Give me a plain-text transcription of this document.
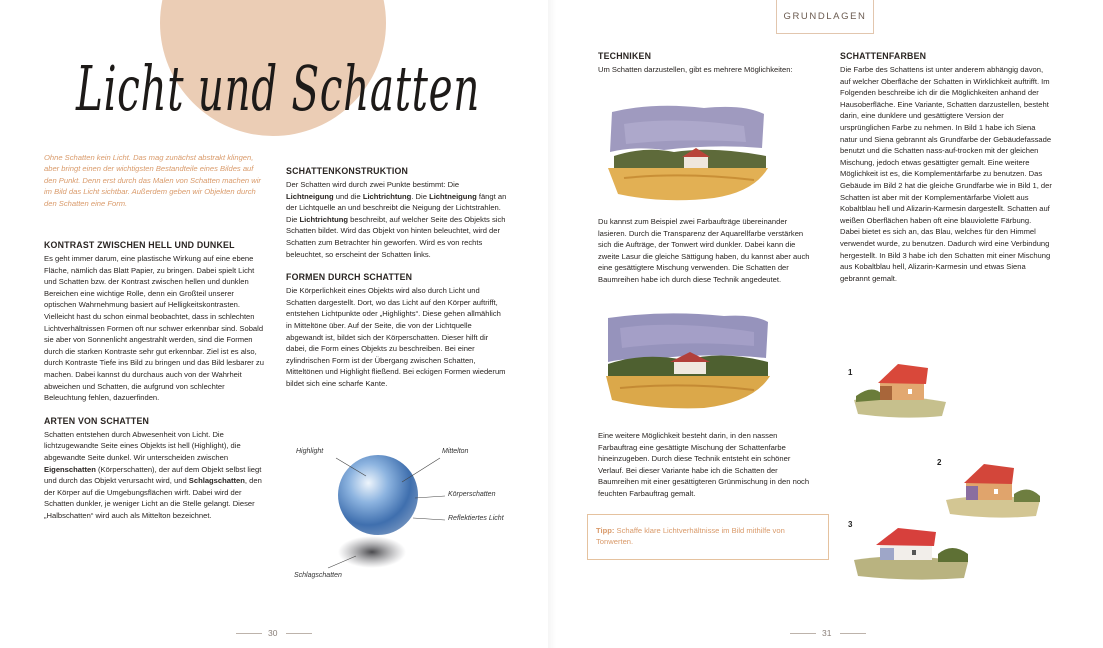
Licht und Schatten
Ohne Schatten kein Licht. Das mag zunächst abstrakt klingen, aber bringt einen der wichtigsten Bestandteile eines Bildes auf den Punkt. Denn erst durch das Malen von Schatten machen wir im Bild das Licht sichtbar. Außerdem geben wir Objekten durch den Schatten eine Form.
KONTRAST ZWISCHEN HELL UND DUNKEL

Es geht immer darum, eine plastische Wirkung auf eine ebene Fläche, nämlich das Blatt Papier, zu bringen. Dabei spielt Licht und Schatten bzw. der Kontrast zwischen hellen und dunklen Bereichen eine wichtige Rolle, denn ein Großteil unserer optischen Wahrnehmung basiert auf Helligkeitskontrasten. Vielleicht hast du schon einmal beobachtet, dass in schlechten Lichtverhältnissen Formen oft nur schwer erkennbar sind. Sobald sie aber von Sonnenlicht angestrahlt werden, sind die Formen durch die starken Kontraste sehr gut erkennbar. Ziel ist es also, durch Kontraste Tiefe ins Bild zu bringen und das Bild lesbarer zu machen. Dabei kannst du durchaus auch von der Wahrheit abweichen und Schatten, die aufgrund von schlechter Beleuchtung fehlen, dazuerfinden.

ARTEN VON SCHATTEN

Schatten entstehen durch Abwesenheit von Licht. Die lichtzugewandte Seite eines Objekts ist hell (Highlight), die abgewandte Seite dunkel. Wir unterscheiden zwischen Eigenschatten (Körperschatten), der auf dem Objekt selbst liegt und durch das Objekt verursacht wird, und Schlagschatten, den der Körper auf die Umgebungsflächen wirft. Dabei wird der Schatten dunkler, je weniger Licht an die Stelle gelangt. Dieser „Halbschatten“ wird auch als Mittelton bezeichnet.

SCHATTENKONSTRUKTION

Der Schatten wird durch zwei Punkte bestimmt: Die Lichtneigung und die Lichtrichtung. Die Lichtneigung fängt an der Lichtquelle an und beschreibt die Neigung der Lichtstrahlen. Die Lichtrichtung beschreibt, auf welcher Seite des Objekts sich Schatten bildet. Wird das Objekt von hinten beleuchtet, wird der Schatten zum Betrachter hin geworfen. Wird es von rechts beleuchtet, so erscheint der Schatten links.

FORMEN DURCH SCHATTEN

Die Körperlichkeit eines Objekts wird also durch Licht und Schatten dargestellt. Dort, wo das Licht auf den Körper auftrifft, entstehen Lichtpunkte oder „Highlights“. Diese gehen allmählich in Mitteltöne über. Auf der Seite, die von der Lichtquelle abgewandt ist, bildet sich der Körperschatten. Dieser hilft dir dabei, die Form eines Objekts zu beschreiben. Bei einer zylindrischen Form ist der Übergang zwischen Schatten, Mitteltönen und Highlight fließend. Bei eckigen Formen wiederum bildet sich eine scharfe Kante.

Highlight	Mittelton
Körperschatten
Reflektiertes Licht
Schlagschatten
30
GRUNDLAGEN
TECHNIKEN

Um Schatten darzustellen, gibt es mehrere Möglichkeiten:

Du kannst zum Beispiel zwei Farbaufträge übereinander lasieren. Durch die Transparenz der Aquarellfarbe verstärken sich die Aufträge, der Tonwert wird dunkler. Dabei kann die zweite Lasur die gleiche Sättigung haben, du kannst aber auch eine gesättigtere Mischung verwenden. Die Schatten der Baumreihen habe ich durch diese Technik angedeutet.
Eine weitere Möglichkeit besteht darin, in den nassen Farbauftrag eine gesättigte Mischung der Schattenfarbe hineinzugeben. Durch diese Technik entsteht ein schöner Verlauf. Bei dieser Variante habe ich die Schatten der Baumreihen mit einer gesättigteren Grünmischung in den noch feuchten Farbauftrag gemalt.
Tipp: Schaffe klare Lichtverhältnisse im Bild mithilfe von Tonwerten.
SCHATTENFARBEN

Die Farbe des Schattens ist unter anderem abhängig davon, auf welcher Oberfläche der Schatten in Wirklichkeit auftrifft. Im Folgenden beschreibe ich dir die Möglichkeiten anhand der Hausoberfläche. Eine Variante, Schatten darzustellen, besteht darin, eine dunklere und gesättigtere Version der ursprünglichen Farbe zu nehmen. In Bild 1 habe ich Siena natur und Siena gebrannt als Grundfarbe der Gebäudefassade benutzt und die Schatten nass-auf-trocken mit der gleichen Mischung, jedoch etwas gesättigter gemalt. Eine weitere Möglichkeit ist es, die Komplementärfarbe zu benutzen. Das Gebäude im Bild 2 hat die gleiche Grundfarbe wie in Bild 1, der Schatten ist aber mit der Komplementärfarbe Violett aus Kobaltblau hell und Alizarin-Karmesin dargestellt. Schatten auf weißen Oberflächen haben oft eine blauviolette Färbung. Dabei bietet es sich an, das Blau, welches für den Himmel verwendet wurde, zu benutzen. Dadurch wird eine Verbindung hergestellt. In Bild 3 habe ich den Schatten mit einer Mischung aus Kobaltblau hell, Alizarin-Karmesin und etwas Siena gebrannt gemalt.

1
2
3
31
